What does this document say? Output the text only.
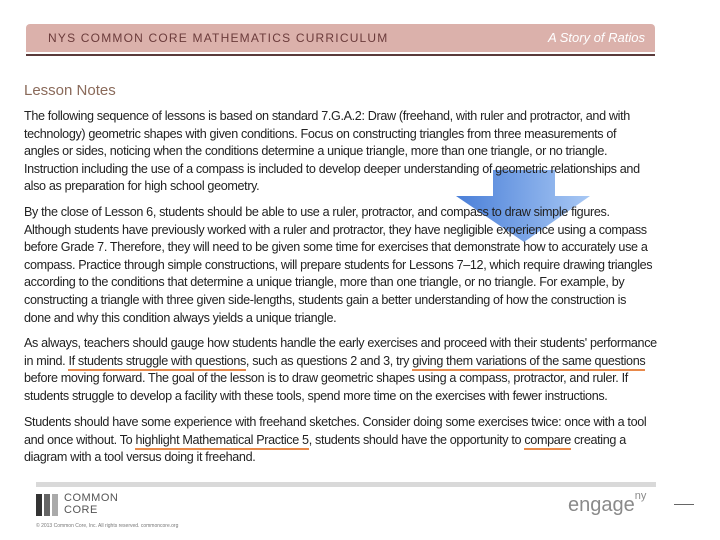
NYS COMMON CORE MATHEMATICS CURRICULUM	A Story of Ratios
Lesson Notes
The following sequence of lessons is based on standard 7.G.A.2: Draw (freehand, with ruler and protractor, and with
technology) geometric shapes with given conditions. Focus on constructing triangles from three measurements of
angles or sides, noticing when the conditions determine a unique triangle, more than one triangle, or no triangle.
Instruction including the use of a compass is included to develop deeper understanding of geometric relationships and
also as preparation for high school geometry.
By the close of Lesson 6, students should be able to use a ruler, protractor, and compass to draw simple figures.
Although students have previously worked with a ruler and protractor, they have negligible experience using a compass
before Grade 7. Therefore, they will need to be given some time for exercises that demonstrate how to accurately use a
compass. Practice through simple constructions, will prepare students for Lessons 7–12, which require drawing triangles
according to the conditions that determine a unique triangle, more than one triangle, or no triangle. For example, by
constructing a triangle with three given side-lengths, students gain a better understanding of how the construction is
done and why this condition always yields a unique triangle.
As always, teachers should gauge how students handle the early exercises and proceed with their students' performance
in mind. If students struggle with questions, such as questions 2 and 3, try giving them variations of the same questions
before moving forward. The goal of the lesson is to draw geometric shapes using a compass, protractor, and ruler. If
students struggle to develop a facility with these tools, spend more time on the exercises with fewer instructions.
Students should have some experience with freehand sketches. Consider doing some exercises twice: once with a tool
and once without. To highlight Mathematical Practice 5, students should have the opportunity to compare creating a
diagram with a tool versus doing it freehand.
COMMON
CORE
© 2013 Common Core, Inc. All rights reserved. commoncore.org
engage$^{ny}$
